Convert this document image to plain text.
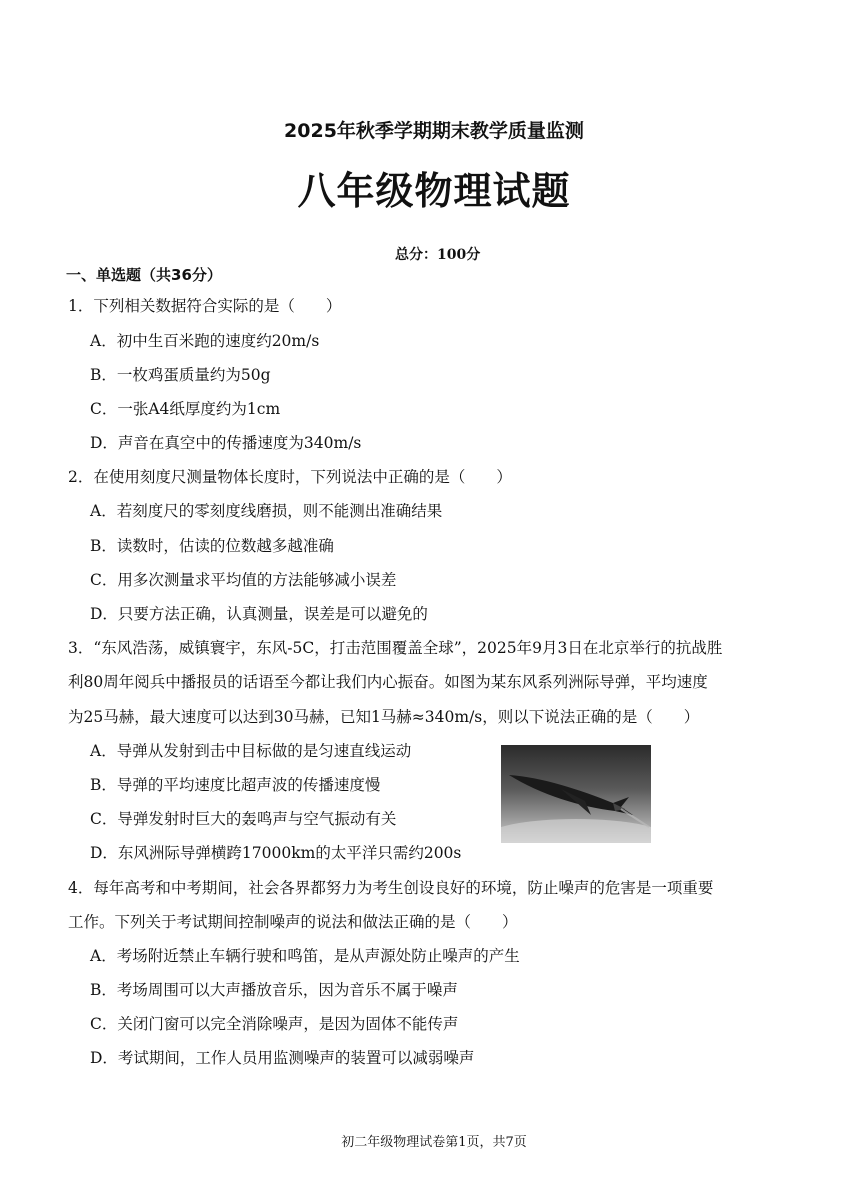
2025年秋季学期期末教学质量监测
八年级物理试题
总分：100分
一、单选题（共36分）
1．下列相关数据符合实际的是（　　）
A．初中生百米跑的速度约20m/s
B．一枚鸡蛋质量约为50g
C．一张A4纸厚度约为1cm
D．声音在真空中的传播速度为340m/s
2．在使用刻度尺测量物体长度时，下列说法中正确的是（　　）
A．若刻度尺的零刻度线磨损，则不能测出准确结果
B．读数时，估读的位数越多越准确
C．用多次测量求平均值的方法能够减小误差
D．只要方法正确，认真测量，误差是可以避免的
3．“东风浩荡，威镇寰宇，东风-5C，打击范围覆盖全球”，2025年9月3日在北京举行的抗战胜
利80周年阅兵中播报员的话语至今都让我们内心振奋。如图为某东风系列洲际导弹，平均速度
为25马赫，最大速度可以达到30马赫，已知1马赫≈340m/s，则以下说法正确的是（　　）
A．导弹从发射到击中目标做的是匀速直线运动
B．导弹的平均速度比超声波的传播速度慢
C．导弹发射时巨大的轰鸣声与空气振动有关
D．东风洲际导弹横跨17000km的太平洋只需约200s
4．每年高考和中考期间，社会各界都努力为考生创设良好的环境，防止噪声的危害是一项重要
工作。下列关于考试期间控制噪声的说法和做法正确的是（　　）
A．考场附近禁止车辆行驶和鸣笛，是从声源处防止噪声的产生
B．考场周围可以大声播放音乐，因为音乐不属于噪声
C．关闭门窗可以完全消除噪声，是因为固体不能传声
D．考试期间，工作人员用监测噪声的装置可以减弱噪声
初二年级物理试卷第1页，共7页
